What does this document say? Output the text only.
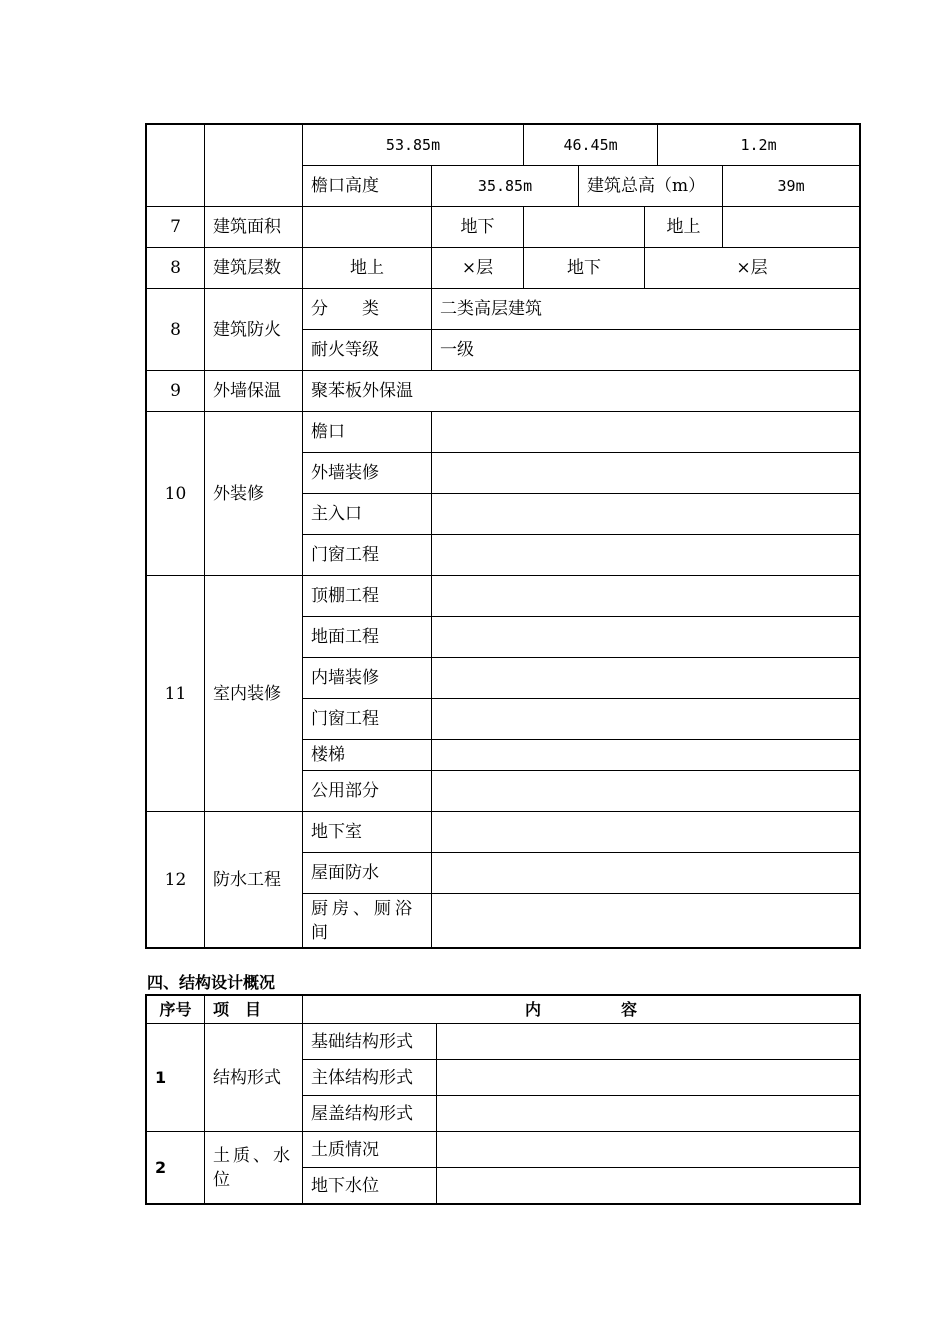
		53.85m		46.45m			1.2m	
		檐口高度	35.85m		建筑总高（m）			39m
7	建筑面积		地下			地上		
8	建筑层数	地上	×层	地下		×层		
8	建筑防火	分　　类	二类高层建筑					
		耐火等级	一级					
9	外墙保温	聚苯板外保温						
10	外装修	檐口						
		外墙装修						
		主入口						
		门窗工程						
11	室内装修	顶棚工程						
		地面工程						
		内墙装修						
		门窗工程						
		楼梯						
		公用部分						
12	防水工程	地下室						
		屋面防水						
		厨房、厕浴间						
四、结构设计概况
序号	项　目	内　　　　　容	
1	结构形式	基础结构形式	
		主体结构形式	
		屋盖结构形式	
2	土质、水位	土质情况	
		地下水位	
